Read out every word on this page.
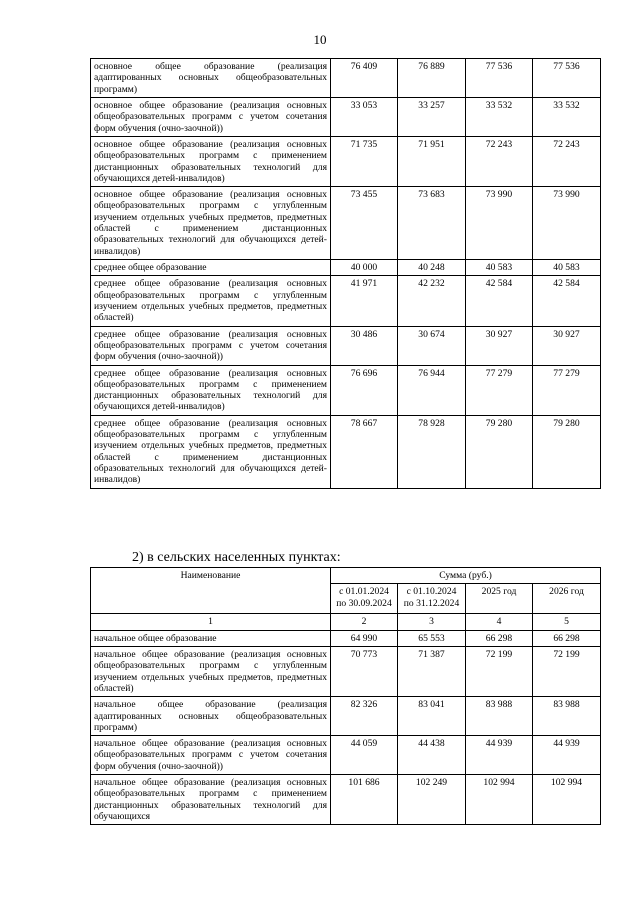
10
основное общее образование (реализация адаптированных основных общеобразовательных программ)	76 409	76 889	77 536	77 536
основное общее образование (реализация основных общеобразовательных программ с учетом сочетания форм обучения (очно-заочной))	33 053	33 257	33 532	33 532
основное общее образование (реализация основных общеобразовательных программ с применением дистанционных образовательных технологий для обучающихся детей-инвалидов)	71 735	71 951	72 243	72 243
основное общее образование (реализация основных общеобразовательных программ с углубленным изучением отдельных учебных предметов, предметных областей с применением дистанционных образовательных технологий для обучающихся детей-инвалидов)	73 455	73 683	73 990	73 990
среднее общее образование	40 000	40 248	40 583	40 583
среднее общее образование (реализация основных общеобразовательных программ с углубленным изучением отдельных учебных предметов, предметных областей)	41 971	42 232	42 584	42 584
среднее общее образование (реализация основных общеобразовательных программ с учетом сочетания форм обучения (очно-заочной))	30 486	30 674	30 927	30 927
среднее общее образование (реализация основных общеобразовательных программ с применением дистанционных образовательных технологий для обучающихся детей-инвалидов)	76 696	76 944	77 279	77 279
среднее общее образование (реализация основных общеобразовательных программ с углубленным изучением отдельных учебных предметов, предметных областей с применением дистанционных образовательных технологий для обучающихся детей-инвалидов)	78 667	78 928	79 280	79 280
2) в сельских населенных пунктах:
Наименование	Сумма (руб.)			
	с 01.01.2024 по 30.09.2024	с 01.10.2024 по 31.12.2024	2025 год	2026 год
1	2	3	4	5
начальное общее образование	64 990	65 553	66 298	66 298
начальное общее образование (реализация основных общеобразовательных программ с углубленным изучением отдельных учебных предметов, предметных областей)	70 773	71 387	72 199	72 199
начальное общее образование (реализация адаптированных основных общеобразовательных программ)	82 326	83 041	83 988	83 988
начальное общее образование (реализация основных общеобразовательных программ с учетом сочетания форм обучения (очно-заочной))	44 059	44 438	44 939	44 939
начальное общее образование (реализация основных общеобразовательных программ с применением дистанционных образовательных технологий для обучающихся	101 686	102 249	102 994	102 994
